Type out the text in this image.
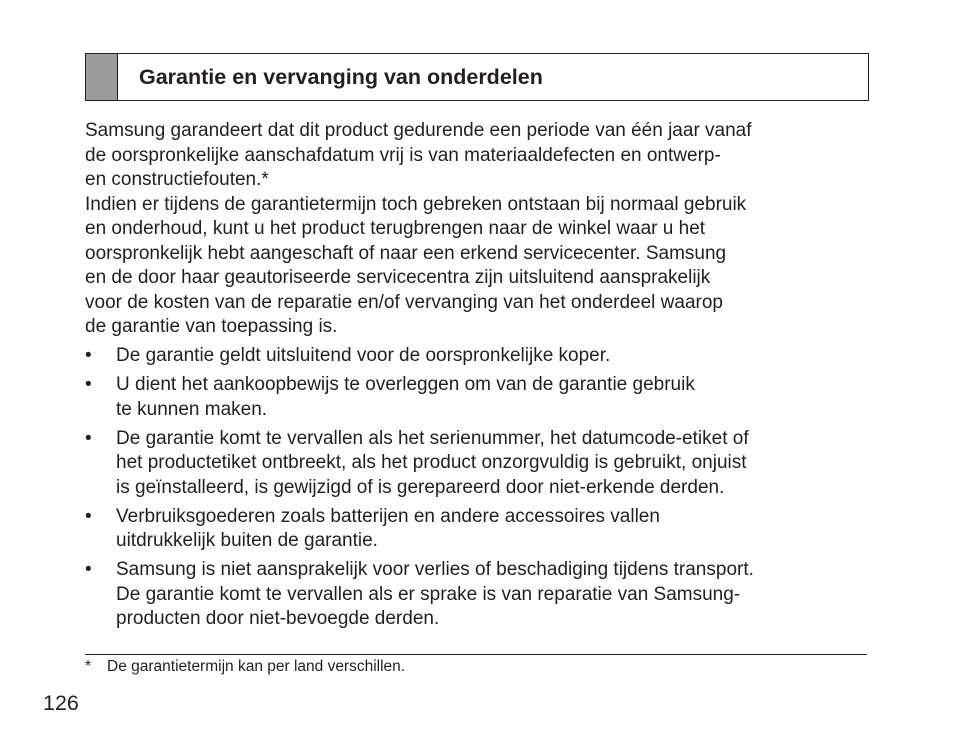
Garantie en vervanging van onderdelen

Samsung garandeert dat dit product gedurende een periode van één jaar vanaf

de oorspronkelijke aanschafdatum vrij is van materiaaldefecten en ontwerp-

en constructiefouten.*

Indien er tijdens de garantietermijn toch gebreken ontstaan bij normaal gebruik

en onderhoud, kunt u het product terugbrengen naar de winkel waar u het

oorspronkelijk hebt aangeschaft of naar een erkend servicecenter. Samsung

en de door haar geautoriseerde servicecentra zijn uitsluitend aansprakelijk

voor de kosten van de reparatie en/of vervanging van het onderdeel waarop

de garantie van toepassing is.

• De garantie geldt uitsluitend voor de oorspronkelijke koper.
• U dient het aankoopbewijs te overleggen om van de garantie gebruik
te kunnen maken.
• De garantie komt te vervallen als het serienummer, het datumcode-etiket of
het productetiket ontbreekt, als het product onzorgvuldig is gebruikt, onjuist
is geïnstalleerd, is gewijzigd of is gerepareerd door niet-erkende derden.
• Verbruiksgoederen zoals batterijen en andere accessoires vallen
uitdrukkelijk buiten de garantie.
• Samsung is niet aansprakelijk voor verlies of beschadiging tijdens transport.
De garantie komt te vervallen als er sprake is van reparatie van Samsung-
producten door niet-bevoegde derden.
* De garantietermijn kan per land verschillen.
126
